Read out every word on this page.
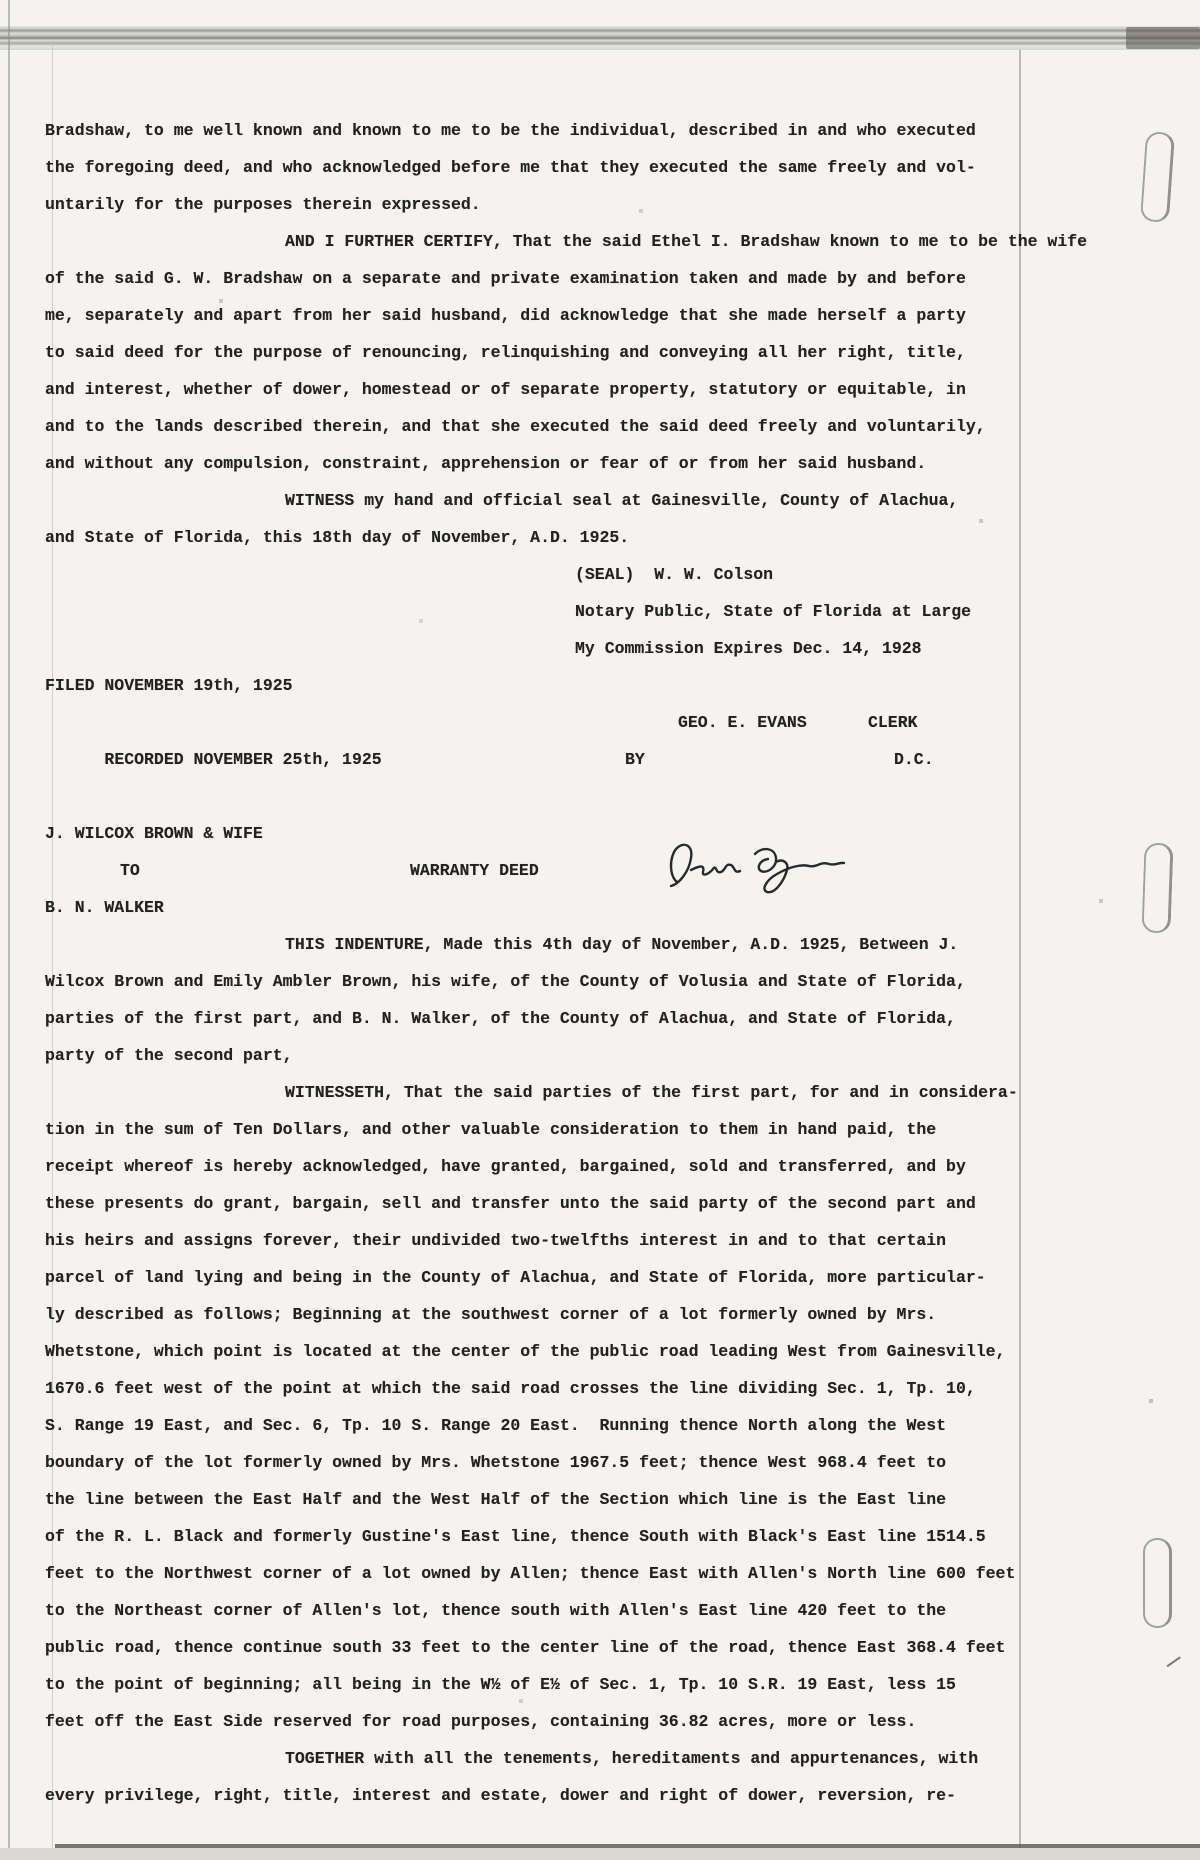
Bradshaw, to me well known and known to me to be the individual, described in and who executed
the foregoing deed, and who acknowledged before me that they executed the same freely and vol-
untarily for the purposes therein expressed.
AND I FURTHER CERTIFY, That the said Ethel I. Bradshaw known to me to be the wife
of the said G. W. Bradshaw on a separate and private examination taken and made by and before
me, separately and apart from her said husband, did acknowledge that she made herself a party
to said deed for the purpose of renouncing, relinquishing and conveying all her right, title,
and interest, whether of dower, homestead or of separate property, statutory or equitable, in
and to the lands described therein, and that she executed the said deed freely and voluntarily,
and without any compulsion, constraint, apprehension or fear of or from her said husband.
WITNESS my hand and official seal at Gainesville, County of Alachua,
and State of Florida, this 18th day of November, A.D. 1925.
(SEAL)  W. W. Colson
Notary Public, State of Florida at Large
My Commission Expires Dec. 14, 1928
FILED NOVEMBER 19th, 1925

RECORDED NOVEMBER 25th, 1925

GEO. E. EVANS

	CLERK

BY

	D.C.

J. WILCOX BROWN & WIFE

TO

	WARRANTY DEED

B. N. WALKER
THIS INDENTURE, Made this 4th day of November, A.D. 1925, Between J.
Wilcox Brown and Emily Ambler Brown, his wife, of the County of Volusia and State of Florida,
parties of the first part, and B. N. Walker, of the County of Alachua, and State of Florida,
party of the second part,
WITNESSETH, That the said parties of the first part, for and in considera-
tion in the sum of Ten Dollars, and other valuable consideration to them in hand paid, the
receipt whereof is hereby acknowledged, have granted, bargained, sold and transferred, and by
these presents do grant, bargain, sell and transfer unto the said party of the second part and
his heirs and assigns forever, their undivided two-twelfths interest in and to that certain
parcel of land lying and being in the County of Alachua, and State of Florida, more particular-
ly described as follows; Beginning at the southwest corner of a lot formerly owned by Mrs.
Whetstone, which point is located at the center of the public road leading West from Gainesville,
1670.6 feet west of the point at which the said road crosses the line dividing Sec. 1, Tp. 10,
S. Range 19 East, and Sec. 6, Tp. 10 S. Range 20 East.  Running thence North along the West
boundary of the lot formerly owned by Mrs. Whetstone 1967.5 feet; thence West 968.4 feet to
the line between the East Half and the West Half of the Section which line is the East line
of the R. L. Black and formerly Gustine's East line, thence South with Black's East line 1514.5
feet to the Northwest corner of a lot owned by Allen; thence East with Allen's North line 600 feet
to the Northeast corner of Allen's lot, thence south with Allen's East line 420 feet to the
public road, thence continue south 33 feet to the center line of the road, thence East 368.4 feet
to the point of beginning; all being in the W½ of E½ of Sec. 1, Tp. 10 S.R. 19 East, less 15
feet off the East Side reserved for road purposes, containing 36.82 acres, more or less.
TOGETHER with all the tenements, hereditaments and appurtenances, with
every privilege, right, title, interest and estate, dower and right of dower, reversion, re-
